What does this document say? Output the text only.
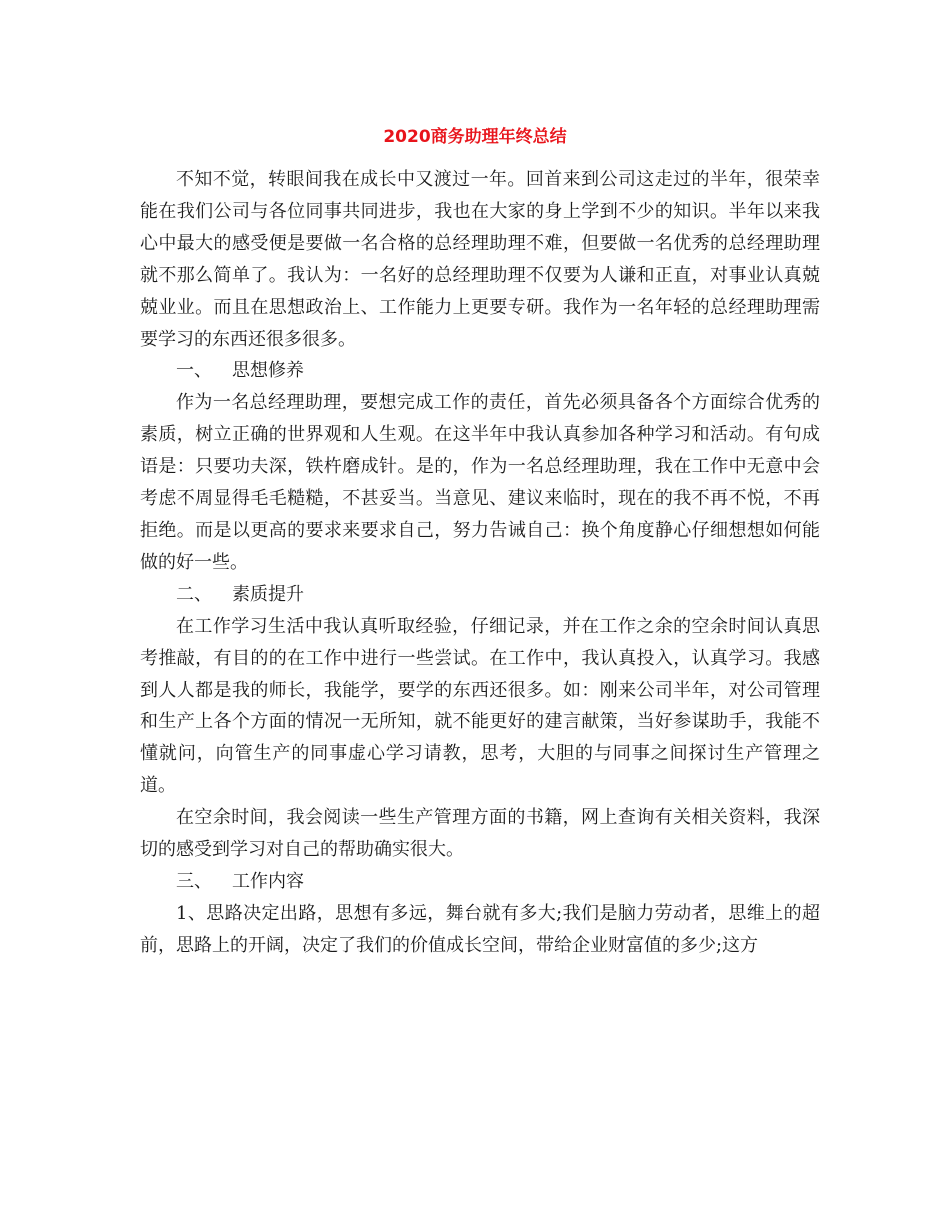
2020商务助理年终总结

不知不觉，转眼间我在成长中又渡过一年。回首来到公司这走过的半年，很荣幸能在我们公司与各位同事共同进步，我也在大家的身上学到不少的知识。半年以来我心中最大的感受便是要做一名合格的总经理助理不难，但要做一名优秀的总经理助理就不那么简单了。我认为：一名好的总经理助理不仅要为人谦和正直，对事业认真兢兢业业。而且在思想政治上、工作能力上更要专研。我作为一名年轻的总经理助理需要学习的东西还很多很多。

一、 思想修养

作为一名总经理助理，要想完成工作的责任，首先必须具备各个方面综合优秀的素质，树立正确的世界观和人生观。在这半年中我认真参加各种学习和活动。有句成语是：只要功夫深，铁杵磨成针。是的，作为一名总经理助理，我在工作中无意中会考虑不周显得毛毛糙糙，不甚妥当。当意见、建议来临时，现在的我不再不悦，不再拒绝。而是以更高的要求来要求自己，努力告诫自己：换个角度静心仔细想想如何能做的好一些。

二、 素质提升

在工作学习生活中我认真听取经验，仔细记录，并在工作之余的空余时间认真思考推敲，有目的的在工作中进行一些尝试。在工作中，我认真投入，认真学习。我感到人人都是我的师长，我能学，要学的东西还很多。如：刚来公司半年，对公司管理和生产上各个方面的情况一无所知，就不能更好的建言献策，当好参谋助手，我能不懂就问，向管生产的同事虚心学习请教，思考，大胆的与同事之间探讨生产管理之道。

在空余时间，我会阅读一些生产管理方面的书籍，网上查询有关相关资料，我深切的感受到学习对自己的帮助确实很大。

三、 工作内容

1、思路决定出路，思想有多远，舞台就有多大;我们是脑力劳动者，思维上的超前，思路上的开阔，决定了我们的价值成长空间，带给企业财富值的多少;这方
